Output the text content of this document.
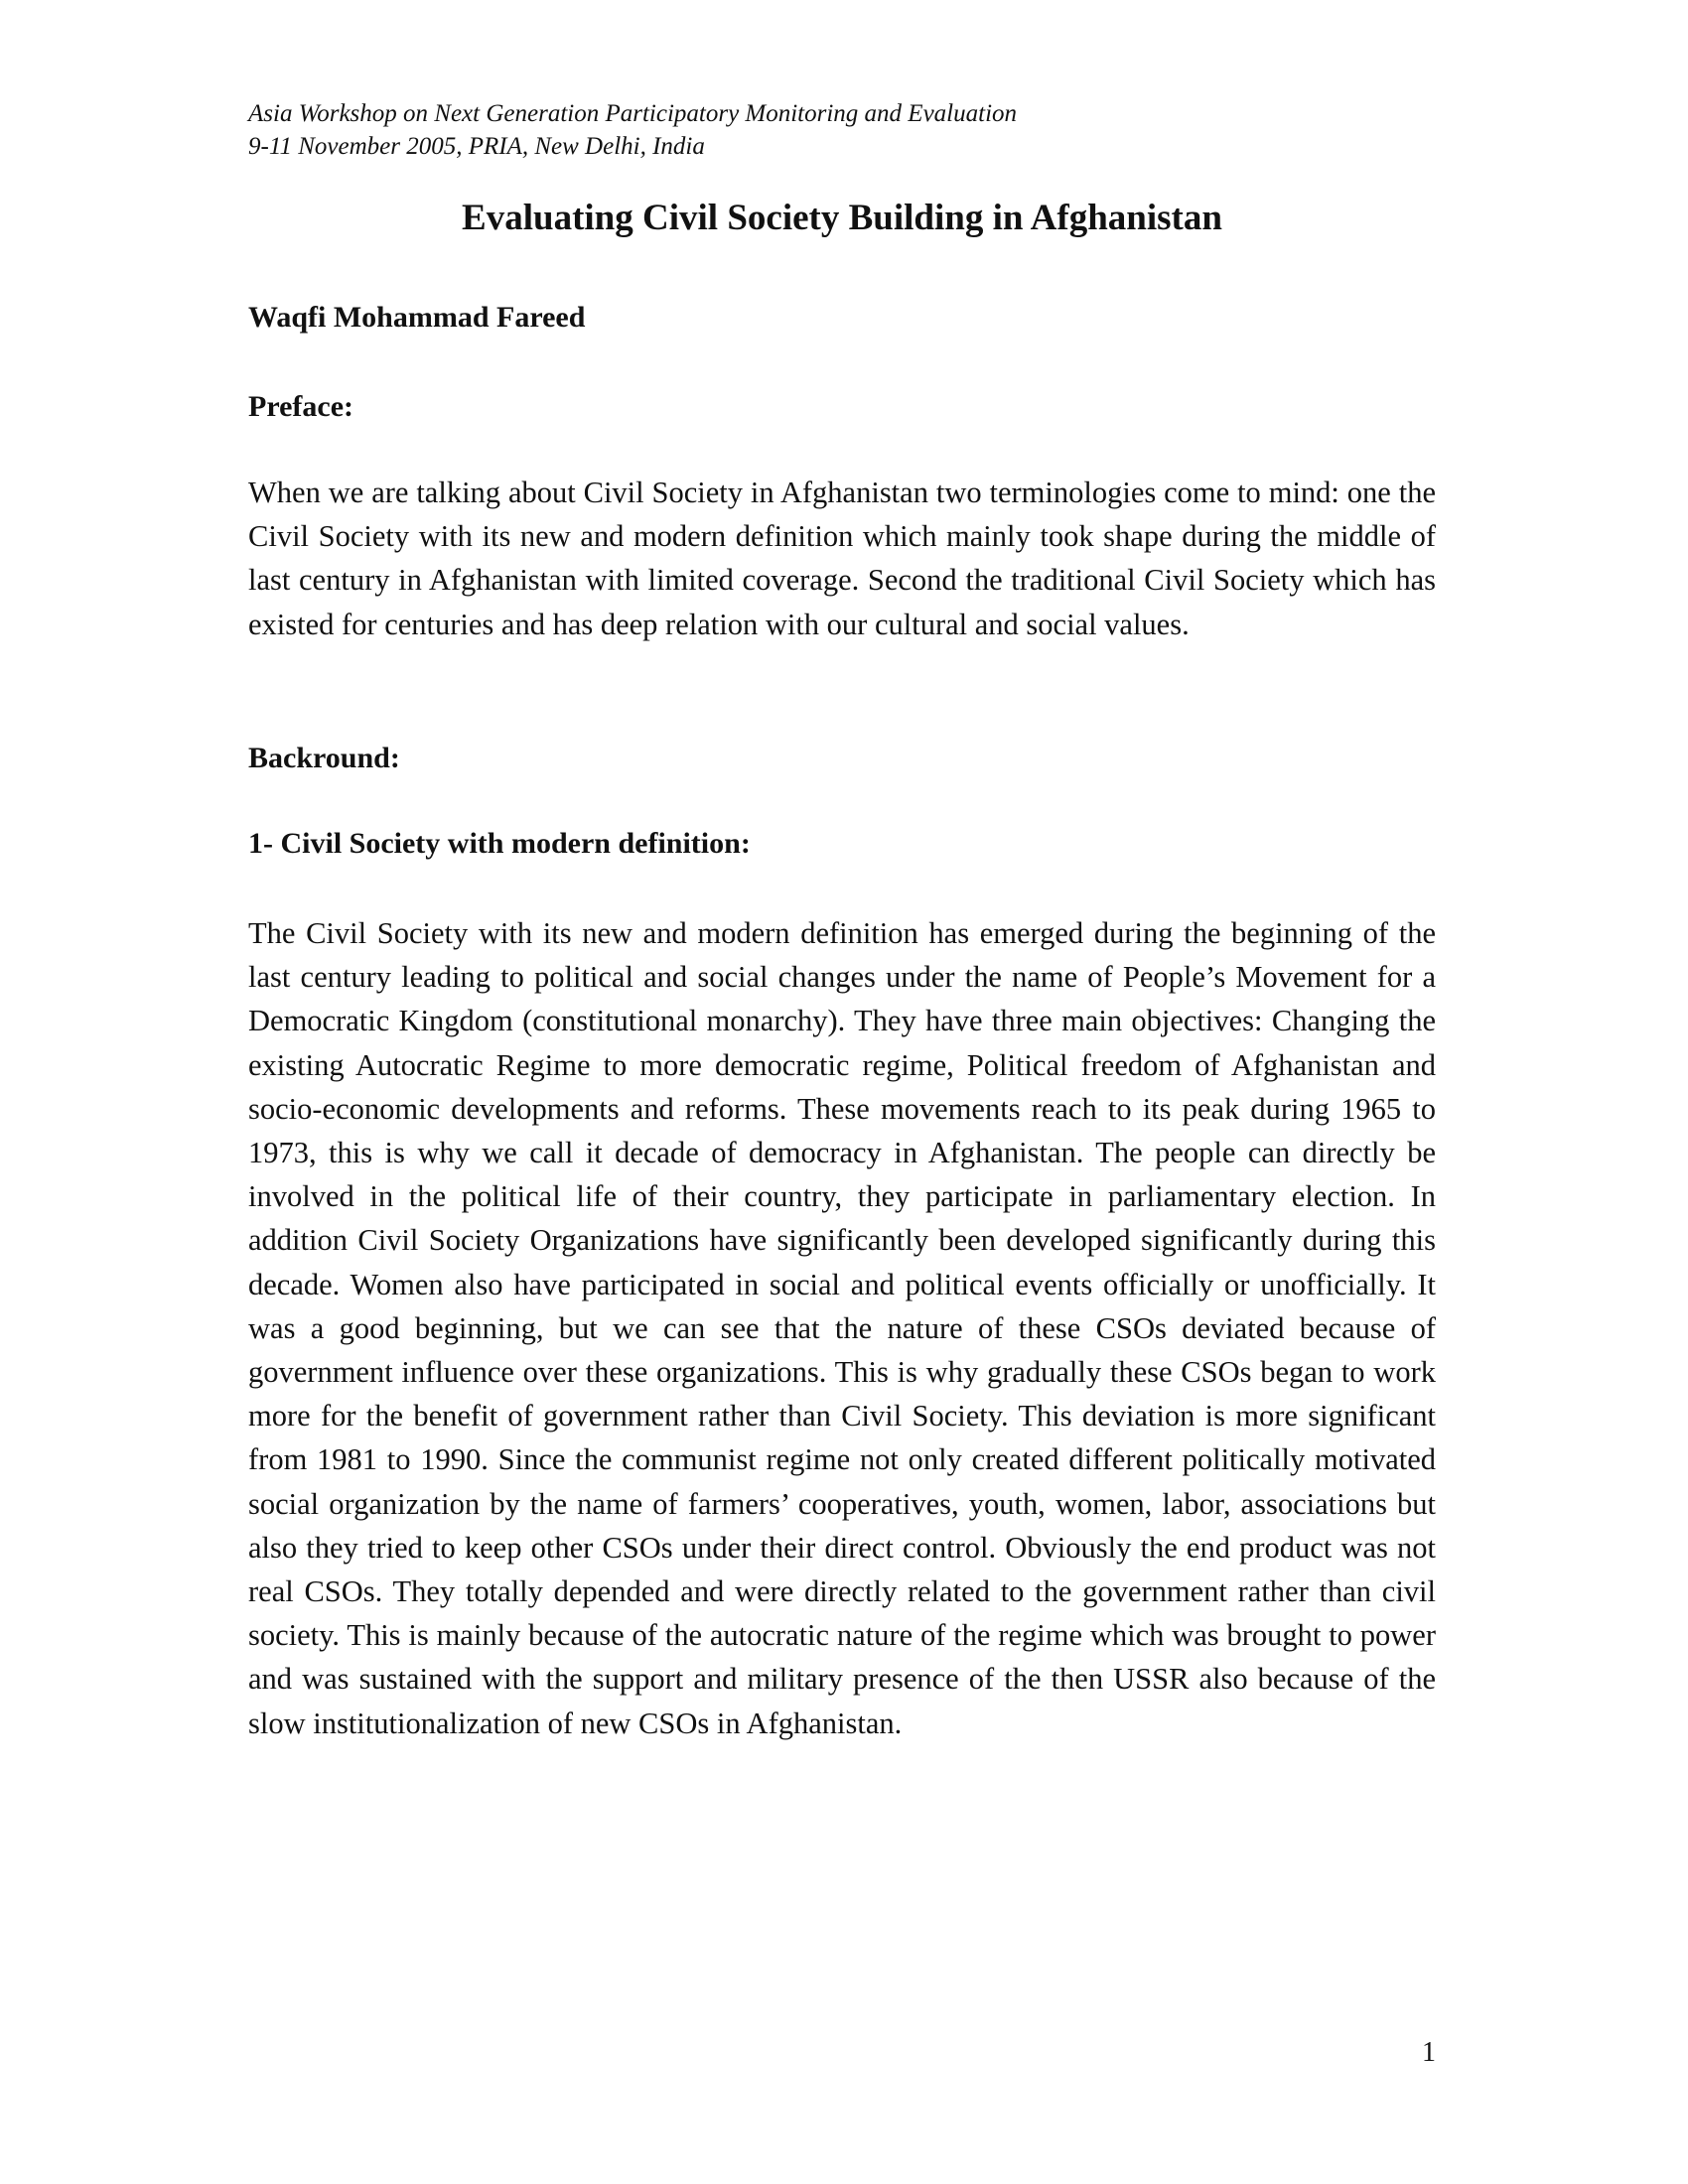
Asia Workshop on Next Generation Participatory Monitoring and Evaluation
9-11 November 2005, PRIA, New Delhi, India
Evaluating Civil Society Building in Afghanistan
Waqfi Mohammad Fareed
Preface:
When we are talking about Civil Society in Afghanistan two terminologies come to mind: one the Civil Society with its new and modern definition which mainly took shape during the middle of last century in Afghanistan with limited coverage. Second the traditional Civil Society which has existed for centuries and has deep relation with our cultural and social values.
Backround:
1- Civil Society with modern definition:
The Civil Society with its new and modern definition has emerged during the beginning of the last century leading to political and social changes under the name of People’s Movement for a Democratic Kingdom (constitutional monarchy). They have three main objectives: Changing the existing Autocratic Regime to more democratic regime, Political freedom of Afghanistan and socio-economic developments and reforms. These movements reach to its peak during 1965 to 1973, this is why we call it decade of democracy in Afghanistan. The people can directly be involved in the political life of their country, they participate in parliamentary election. In addition Civil Society Organizations have significantly been developed significantly during this decade. Women also have participated in social and political events officially or unofficially. It was a good beginning, but we can see that the nature of these CSOs deviated because of government influence over these organizations. This is why gradually these CSOs began to work more for the benefit of government rather than Civil Society. This deviation is more significant from 1981 to 1990. Since the communist regime not only created different politically motivated social organization by the name of farmers’ cooperatives, youth, women, labor, associations but also they tried to keep other CSOs under their direct control. Obviously the end product was not real CSOs. They totally depended and were directly related to the government rather than civil society. This is mainly because of the autocratic nature of the regime which was brought to power and was sustained with the support and military presence of the then USSR also because of the slow institutionalization of new CSOs in Afghanistan.
1
